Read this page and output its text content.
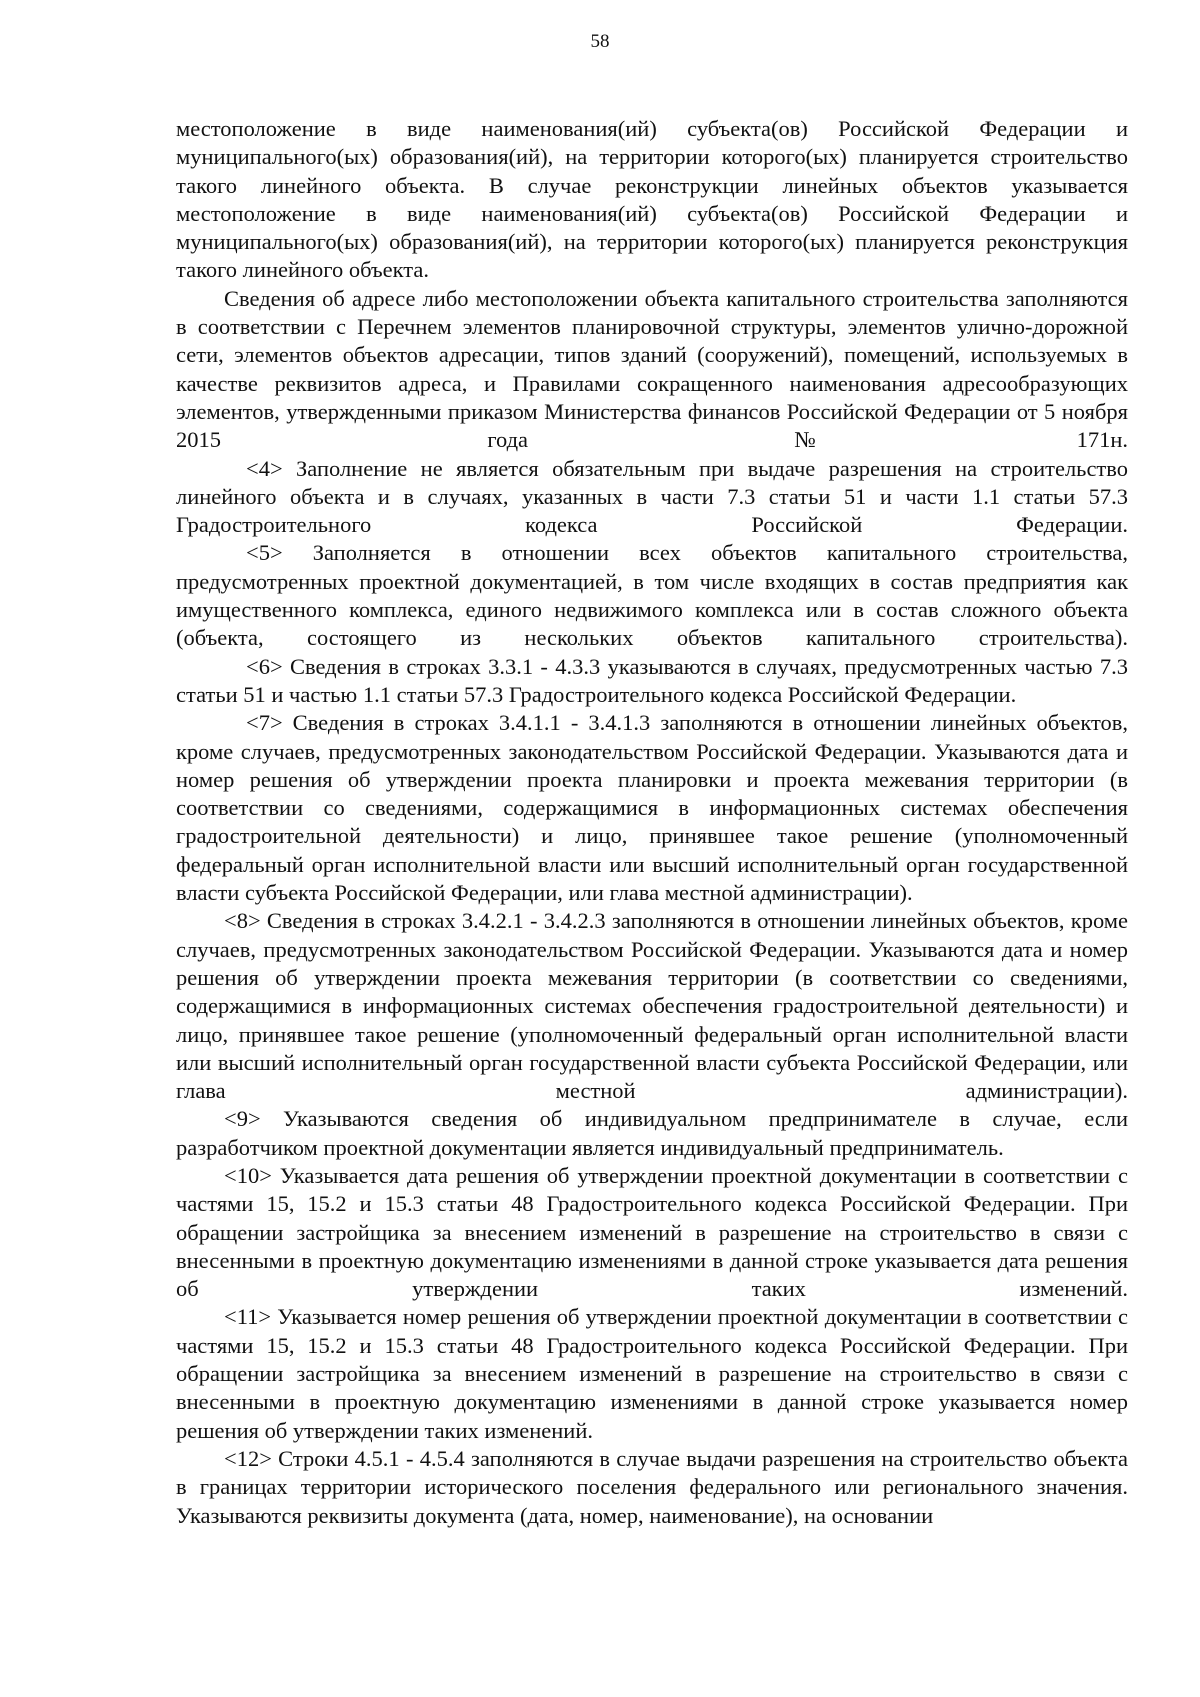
58

местоположение в виде наименования(ий) субъекта(ов) Российской Федерации и муниципального(ых) образования(ий), на территории которого(ых) планируется строительство такого линейного объекта. В случае реконструкции линейных объектов указывается местоположение в виде наименования(ий) субъекта(ов) Российской Федерации и муниципального(ых) образования(ий), на территории которого(ых) планируется реконструкция такого линейного объекта.

Сведения об адресе либо местоположении объекта капитального строительства заполняются в соответствии с Перечнем элементов планировочной структуры, элементов улично-дорожной сети, элементов объектов адресации, типов зданий (сооружений), помещений, используемых в качестве реквизитов адреса, и Правилами сокращенного наименования адресообразующих элементов, утвержденными приказом Министерства финансов Российской Федерации от 5 ноября 2015 года №171н.

<4> Заполнение не является обязательным при выдаче разрешения на строительство линейного объекта и в случаях, указанных в части 7.3 статьи 51 и части 1.1 статьи 57.3 Градостроительного кодекса Российской Федерации.

<5> Заполняется в отношении всех объектов капитального строительства, предусмотренных проектной документацией, в том числе входящих в состав предприятия как имущественного комплекса, единого недвижимого комплекса или в состав сложного объекта (объекта, состоящего из нескольких объектов капитального строительства).

<6> Сведения в строках 3.3.1 - 4.3.3 указываются в случаях, предусмотренных частью 7.3 статьи 51 и частью 1.1 статьи 57.3 Градостроительного кодекса Российской Федерации.

<7> Сведения в строках 3.4.1.1 - 3.4.1.3 заполняются в отношении линейных объектов, кроме случаев, предусмотренных законодательством Российской Федерации. Указываются дата и номер решения об утверждении проекта планировки и проекта межевания территории (в соответствии со сведениями, содержащимися в информационных системах обеспечения градостроительной деятельности) и лицо, принявшее такое решение (уполномоченный федеральный орган исполнительной власти или высший исполнительный орган государственной власти субъекта Российской Федерации, или глава местной администрации).

<8> Сведения в строках 3.4.2.1 - 3.4.2.3 заполняются в отношении линейных объектов, кроме случаев, предусмотренных законодательством Российской Федерации. Указываются дата и номер решения об утверждении проекта межевания территории (в соответствии со сведениями, содержащимися в информационных системах обеспечения градостроительной деятельности) и лицо, принявшее такое решение (уполномоченный федеральный орган исполнительной власти или высший исполнительный орган государственной власти субъекта Российской Федерации, или глава местной администрации).

<9> Указываются сведения об индивидуальном предпринимателе в случае, если разработчиком проектной документации является индивидуальный предприниматель.

<10> Указывается дата решения об утверждении проектной документации в соответствии с частями 15, 15.2 и 15.3 статьи 48 Градостроительного кодекса Российской Федерации. При обращении застройщика за внесением изменений в разрешение на строительство в связи с внесенными в проектную документацию изменениями в данной строке указывается дата решения об утверждении таких изменений.

<11> Указывается номер решения об утверждении проектной документации в соответствии с частями 15, 15.2 и 15.3 статьи 48 Градостроительного кодекса Российской Федерации. При обращении застройщика за внесением изменений в разрешение на строительство в связи с внесенными в проектную документацию изменениями в данной строке указывается номер решения об утверждении таких изменений.

<12> Строки 4.5.1 - 4.5.4 заполняются в случае выдачи разрешения на строительство объекта в границах территории исторического поселения федерального или регионального значения. Указываются реквизиты документа (дата, номер, наименование), на основании
